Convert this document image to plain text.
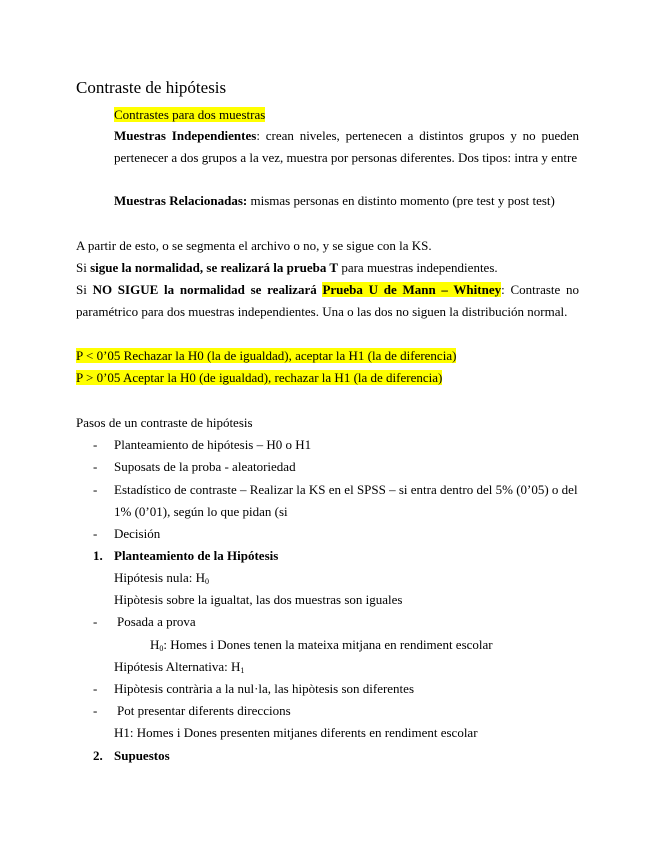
Contraste de hipótesis
Contrastes para dos muestras
Muestras Independientes: crean niveles, pertenecen a distintos grupos y no pueden
pertenecer a dos grupos a la vez, muestra por personas diferentes. Dos tipos: intra y entre
Muestras Relacionadas: mismas personas en distinto momento (pre test y post test)
A partir de esto, o se segmenta el archivo o no, y se sigue con la KS.
Si sigue la normalidad, se realizará la prueba T para muestras independientes.
Si NO SIGUE la normalidad se realizará Prueba U de Mann – Whitney: Contraste no
paramétrico para dos muestras independientes. Una o las dos no siguen la distribución normal.
P < 0’05 Rechazar la H0 (la de igualdad), aceptar la H1 (la de diferencia)
P > 0’05 Aceptar la H0 (de igualdad), rechazar la H1 (la de diferencia)
Pasos de un contraste de hipótesis
- Planteamiento de hipótesis – H0 o H1
- Suposats de la proba - aleatoriedad
- Estadístico de contraste – Realizar la KS en el SPSS – si entra dentro del 5% (0’05) o del
1% (0’01), según lo que pidan (si
- Decisión
1. Planteamiento de la Hipótesis
Hipótesis nula: $H_0$
Hipòtesis sobre la igualtat, las dos muestras son iguales
- Posada a prova
$H_0$: Homes i Dones tenen la mateixa mitjana en rendiment escolar
Hipótesis Alternativa: $H_1$
- Hipòtesis contrària a la nul·la, las hipòtesis son diferentes
- Pot presentar diferents direccions
H1: Homes i Dones presenten mitjanes diferents en rendiment escolar
2. Supuestos
